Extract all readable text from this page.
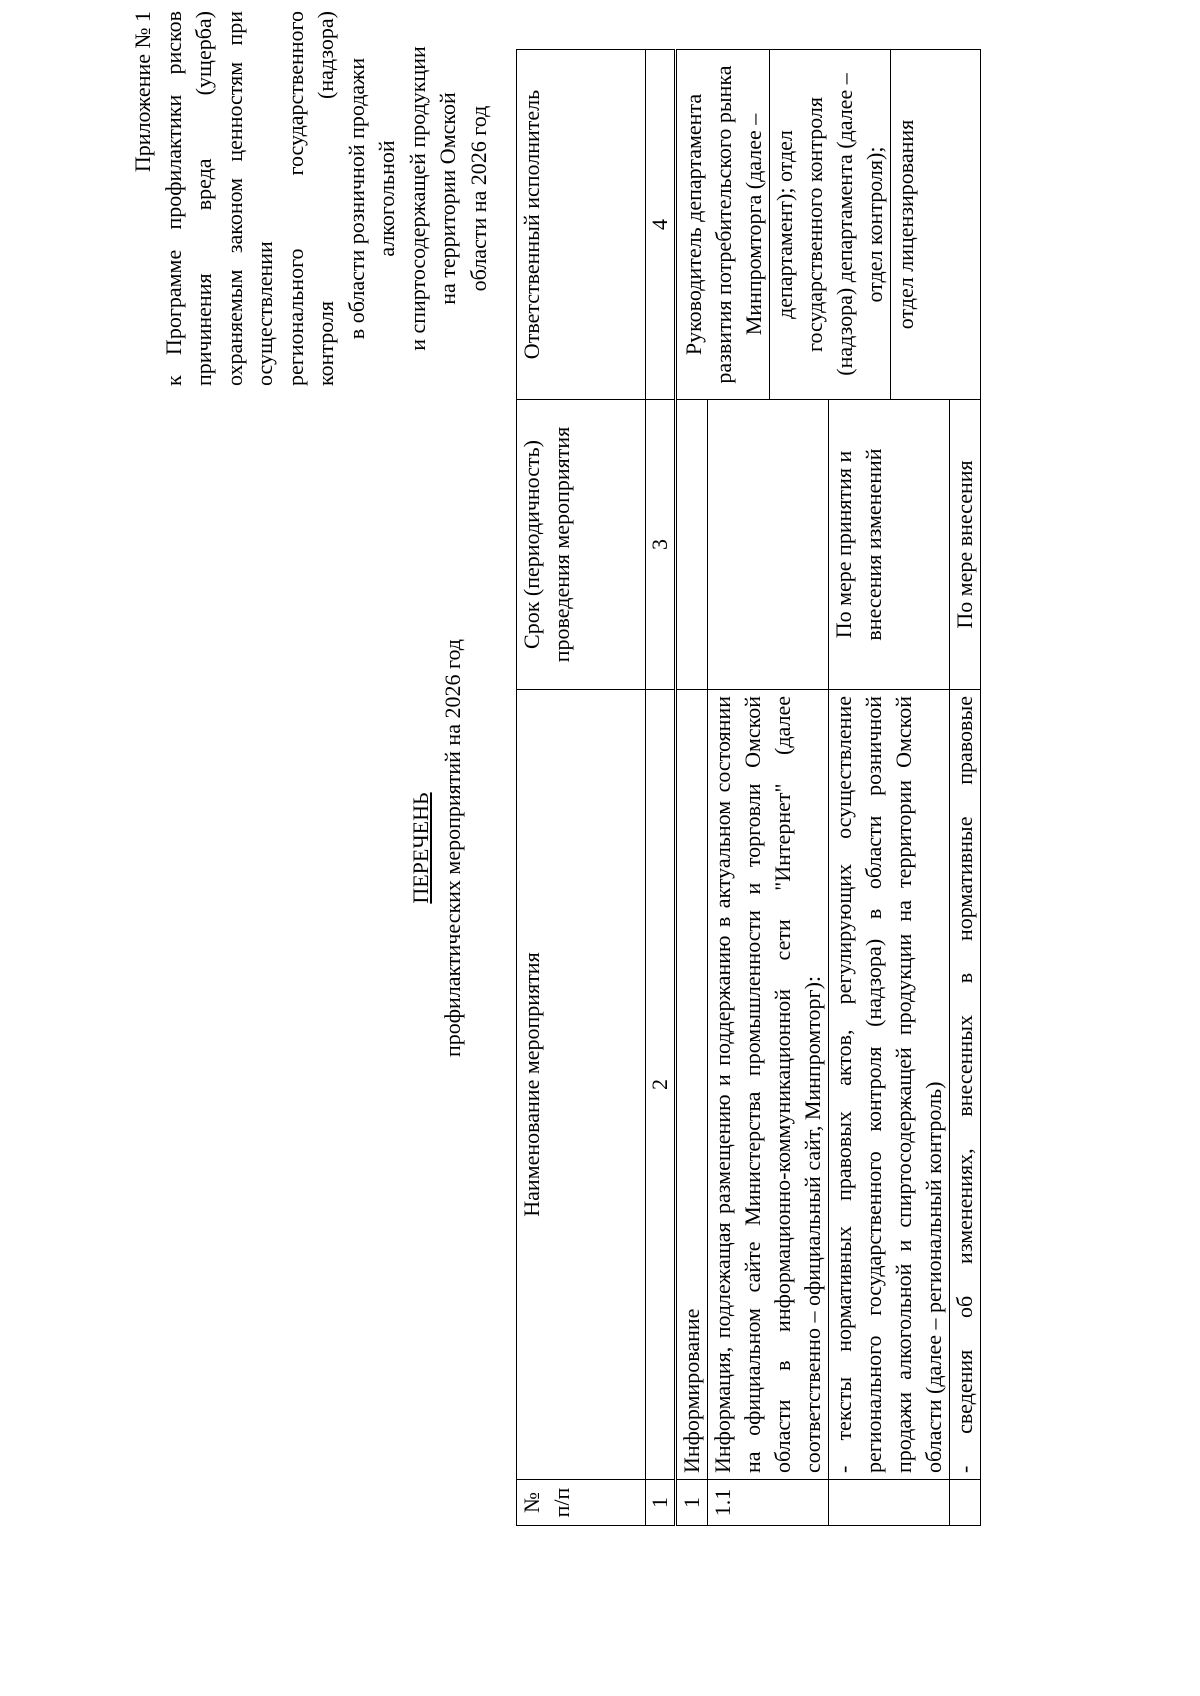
Приложение № 1 к Программе профилактики рисков причинения вреда (ущерба) охраняемым законом ценностям при осуществлении регионального государственного контроля (надзора) в области розничной продажи алкогольной и спиртосодержащей продукции на территории Омской области на 2026 год
ПЕРЕЧЕНЬ профилактических мероприятий на 2026 год
№ п/п	Наименование мероприятия	Срок (периодичность) проведения мероприятия	Ответственный исполнитель
1	2	3	4
1	Информирование		Руководитель департамента развития потребительского рынка Минпромторга (далее – департамент); отдел государственного контроля (надзора) департамента (далее – отдел контроля); отдел лицензирования

1.1	Информация, подлежащая размещению и поддержанию в актуальном состоянии на официальном сайте Министерства промышленности и торговли Омской области в информационно-коммуникационной сети "Интернет" (далее соответственно – официальный сайт, Минпромторг):		
	- тексты нормативных правовых актов, регулирующих осуществление регионального государственного контроля (надзора) в области розничной продажи алкогольной и спиртосодержащей продукции на территории Омской области (далее – региональный контроль)	По мере принятия и внесения изменений	
	- сведения об изменениях, внесенных в нормативные правовые	По мере внесения	
